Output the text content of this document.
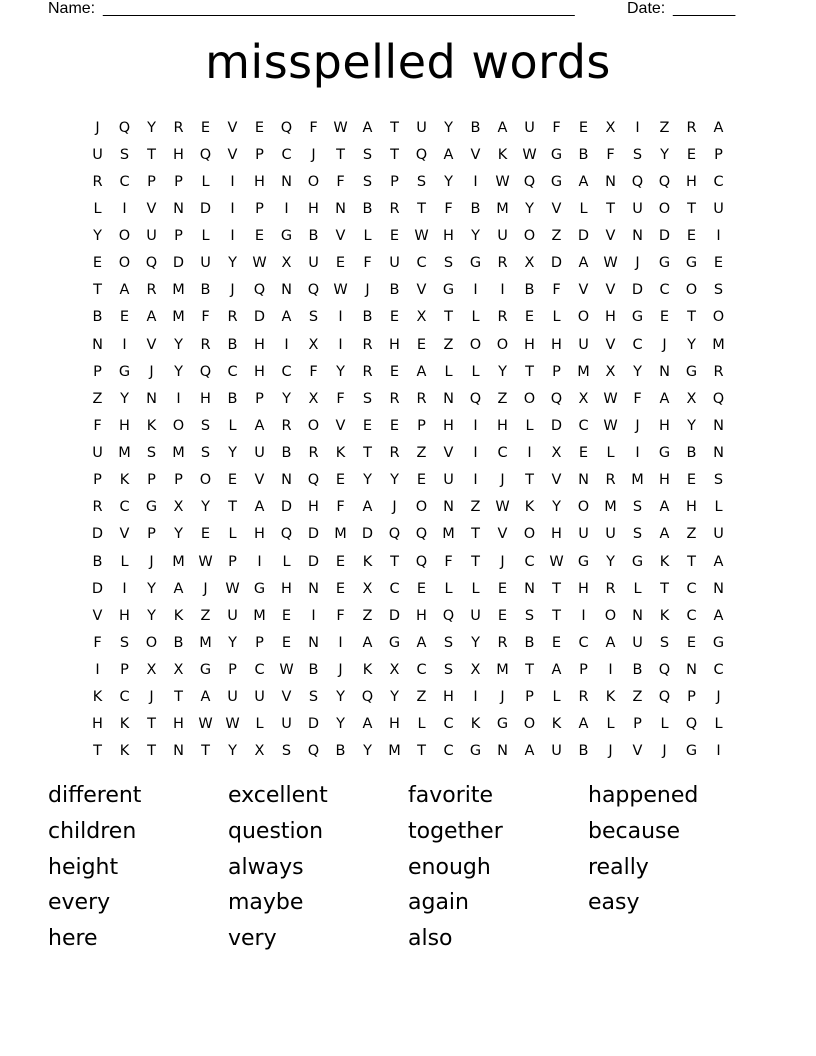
Name: _____________________________________________________	Date: _______
misspelled words
J	Q	Y	R	E	V	E	Q	F	W	A	T	U	Y	B	A	U	F	E	X	I	Z	R	A
U	S	T	H	Q	V	P	C	J	T	S	T	Q	A	V	K	W G	B	F	S	Y	E	P
R	C	P	P	L	I	H	N	O	F	S	P	S	Y	I	W Q	G	A	N	Q	Q	H	C
L	I	V	N	D	I	P	I	H	N	B	R	T	F	B	M	Y	V	L	T	U	O	T	U
Y	O	U	P	L	I	E	G	B	V	L	E	W H	Y	U	O	Z	D	V	N	D	E	I
E	O	Q	D	U	Y	W	X	U	E	F	U	C	S	G	R	X	D	A	W	J	G	G	E
T	A	R	M	B	J	Q	N	Q W	J	B	V	G	I	I	B	F	V	V	D	C	O	S
B	E	A	M	F	R	D	A	S	I	B	E	X	T	L	R	E	L	O	H	G	E	T	O
N	I	V	Y	R	B	H	I	X	I	R	H	E	Z	O	O	H	H	U	V	C	J	Y	M
P	G	J	Y	Q	C	H	C	F	Y	R	E	A	L	L	Y	T	P	M	X	Y	N	G	R
Z	Y	N	I	H	B	P	Y	X	F	S	R	R	N	Q	Z	O	Q	X	W	F	A	X	Q
F	H	K	O	S	L	A	R	O	V	E	E	P	H	I	H	L	D	C	W	J	H	Y	N
U	M	S	M	S	Y	U	B	R	K	T	R	Z	V	I	C	I	X	E	L	I	G	B	N
P	K	P	P	O	E	V	N	Q	E	Y	Y	E	U	I	J	T	V	N	R	M	H	E	S
R	C	G	X	Y	T	A	D	H	F	A	J	O	N	Z	W	K	Y	O	M	S	A	H	L
D	V	P	Y	E	L	H	Q	D	M	D	Q	Q	M	T	V	O	H	U	U	S	A	Z	U
B	L	J	M W	P	I	L	D	E	K	T	Q	F	T	J	C	W G	Y	G	K	T	A
D	I	Y	A	J	W G	H	N	E	X	C	E	L	L	E	N	T	H	R	L	T	C	N
V	H	Y	K	Z	U	M	E	I	F	Z	D	H	Q	U	E	S	T	I	O	N	K	C	A
F	S	O	B	M	Y	P	E	N	I	A	G	A	S	Y	R	B	E	C	A	U	S	E	G
I	P	X	X	G	P	C	W	B	J	K	X	C	S	X	M	T	A	P	I	B	Q	N	C
K	C	J	T	A	U	U	V	S	Y	Q	Y	Z	H	I	J	P	L	R	K	Z	Q	P	J
H	K	T	H W W	L	U	D	Y	A	H	L	C	K	G	O	K	A	L	P	L	Q	L
T	K	T	N	T	Y	X	S	Q	B	Y	M	T	C	G	N	A	U	B	J	V	J	G	I
different	excellent	favorite	happened
children	question	together	because
height	always	enough	really
every	maybe	again	easy
here	very	also
